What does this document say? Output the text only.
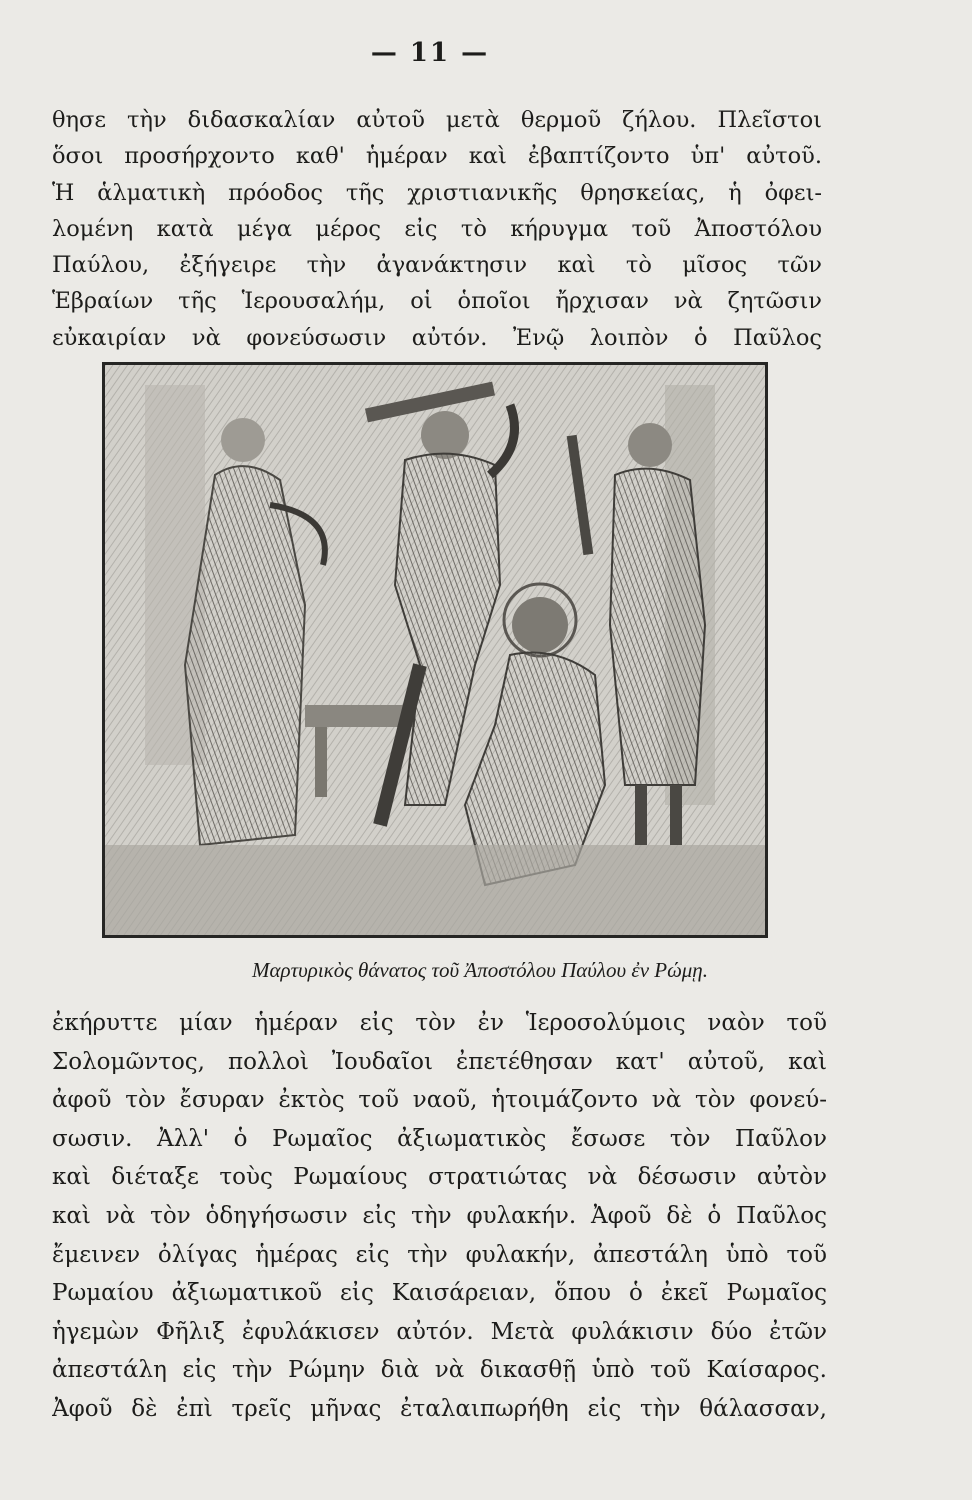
— 11 —
θησε τὴν διδασκαλίαν αὐτοῦ μετὰ θερμοῦ ζήλου. Πλεῖστοι
ὅσοι προσήρχοντο καθ' ἡμέραν καὶ ἐβαπτίζοντο ὑπ' αὐτοῦ.
Ἡ ἁλματικὴ πρόοδος τῆς χριστιανικῆς θρησκείας, ἡ ὀφει-
λομένη κατὰ μέγα μέρος εἰς τὸ κήρυγμα τοῦ Ἀποστόλου
Παύλου, ἐξήγειρε τὴν ἀγανάκτησιν καὶ τὸ μῖσος τῶν
Ἑβραίων τῆς Ἱερουσαλήμ, οἱ ὁποῖοι ἤρχισαν νὰ ζητῶσιν
εὐκαιρίαν νὰ φονεύσωσιν αὐτόν. Ἐνῷ λοιπὸν ὁ Παῦλος
Μαρτυρικὸς θάνατος τοῦ Ἀποστόλου Παύλου ἐν Ρώμῃ.
ἐκήρυττε μίαν ἡμέραν εἰς τὸν ἐν Ἱεροσολύμοις ναὸν τοῦ
Σολομῶντος, πολλοὶ Ἰουδαῖοι ἐπετέθησαν κατ' αὐτοῦ, καὶ
ἀφοῦ τὸν ἔσυραν ἐκτὸς τοῦ ναοῦ, ἡτοιμάζοντο νὰ τὸν φονεύ-
σωσιν. Ἀλλ' ὁ Ρωμαῖος ἀξιωματικὸς ἔσωσε τὸν Παῦλον
καὶ διέταξε τοὺς Ρωμαίους στρατιώτας νὰ δέσωσιν αὐτὸν
καὶ νὰ τὸν ὁδηγήσωσιν εἰς τὴν φυλακήν. Ἀφοῦ δὲ ὁ Παῦλος
ἔμεινεν ὀλίγας ἡμέρας εἰς τὴν φυλακήν, ἀπεστάλη ὑπὸ τοῦ
Ρωμαίου ἀξιωματικοῦ εἰς Καισάρειαν, ὅπου ὁ ἐκεῖ Ρωμαῖος
ἡγεμὼν Φῆλιξ ἐφυλάκισεν αὐτόν. Μετὰ φυλάκισιν δύο ἐτῶν
ἀπεστάλη εἰς τὴν Ρώμην διὰ νὰ δικασθῇ ὑπὸ τοῦ Καίσαρος.
Ἀφοῦ δὲ ἐπὶ τρεῖς μῆνας ἐταλαιπωρήθη εἰς τὴν θάλασσαν,
